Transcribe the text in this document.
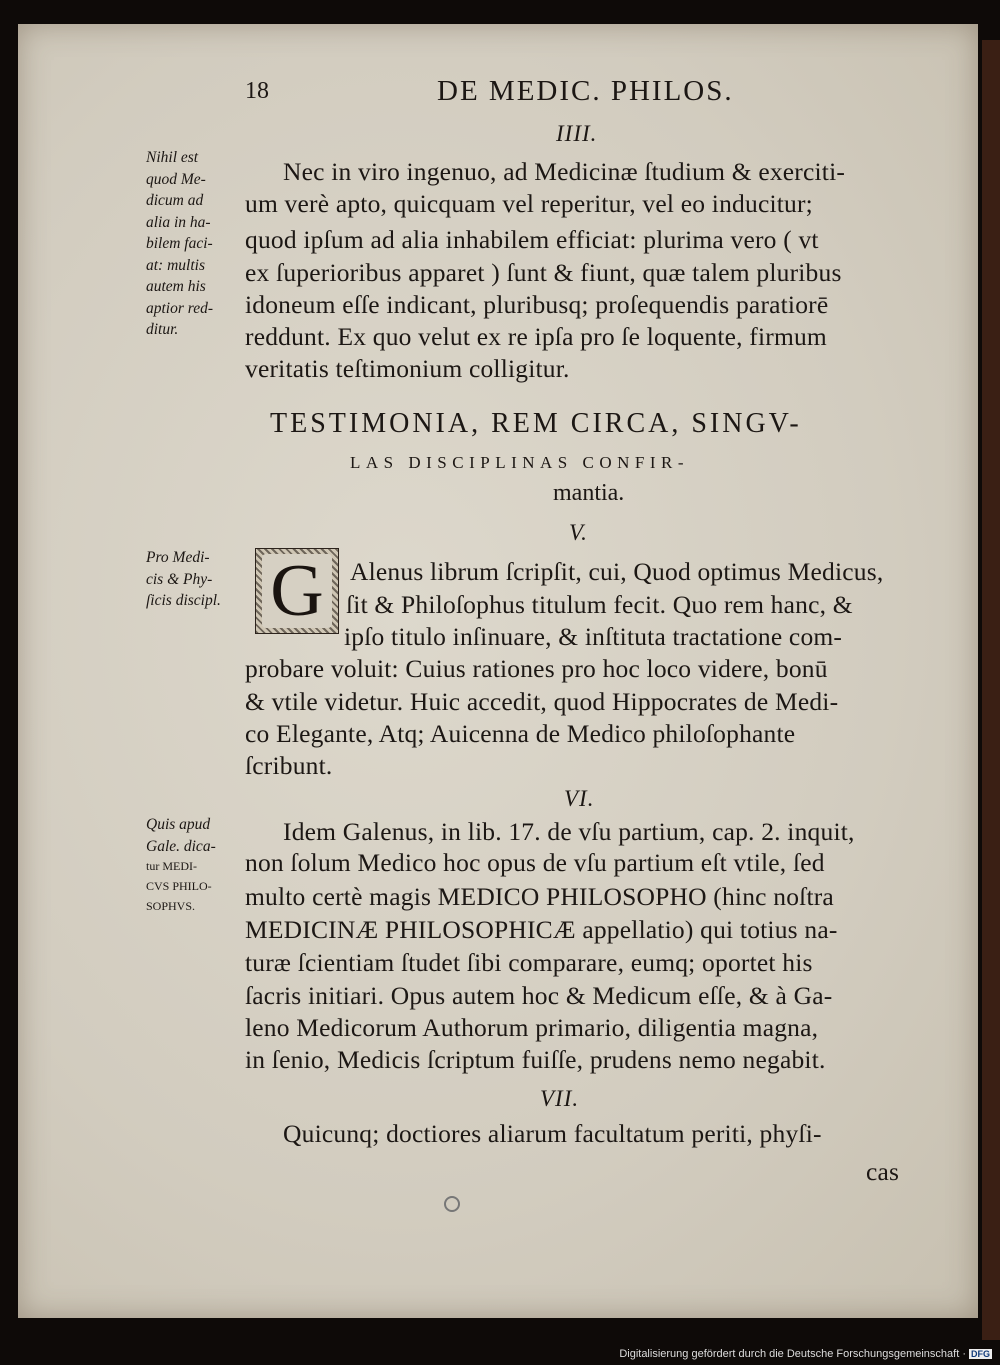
18	DE MEDIC. PHILOS.
IIII.
Nihil est
quod Me-
dicum ad
alia in ha-
bilem faci-
at: multis
autem his
aptior red-
ditur.
Nec in viro ingenuo, ad Medicinæ ſtudium & exerciti-
um verè apto, quicquam vel reperitur, vel eo inducitur;
quod ipſum ad alia inhabilem efficiat: plurima vero ( vt
ex ſuperioribus apparet ) ſunt & fiunt, quæ talem pluribus
idoneum eſſe indicant, pluribusq; proſequendis paratiorē
reddunt. Ex quo velut ex re ipſa pro ſe loquente, firmum
veritatis teſtimonium colligitur.
TESTIMONIA, REM CIRCA, SINGV-
LAS DISCIPLINAS CONFIR-
mantia.
V.
Pro Medi-
cis & Phy-
ſicis discipl. G	Alenus librum ſcripſit, cui, Quod optimus Medicus,
ſit & Philoſophus titulum fecit. Quo rem hanc, &
ipſo titulo inſinuare, & inſtituta tractatione com-
probare voluit: Cuius rationes pro hoc loco videre, bonū
& vtile videtur. Huic accedit, quod Hippocrates de Medi-
co Elegante, Atq; Auicenna de Medico philoſophante
ſcribunt.
VI.
Quis apud
Gale. dica-
tur MEDI-
CVS PHILO-
SOPHVS.
Idem Galenus, in lib. 17. de vſu partium, cap. 2. inquit,
non ſolum Medico hoc opus de vſu partium eſt vtile, ſed
multo certè magis MEDICO PHILOSOPHO (hinc noſtra
MEDICINÆ PHILOSOPHICÆ appellatio) qui totius na-
turæ ſcientiam ſtudet ſibi comparare, eumq; oportet his
ſacris initiari. Opus autem hoc & Medicum eſſe, & à Ga-
leno Medicorum Authorum primario, diligentia magna,
in ſenio, Medicis ſcriptum fuiſſe, prudens nemo negabit.
VII.
Quicunq; doctiores aliarum facultatum periti, phyſi-
cas
Digitalisierung gefördert durch die Deutsche Forschungsgemeinschaft · DFG
